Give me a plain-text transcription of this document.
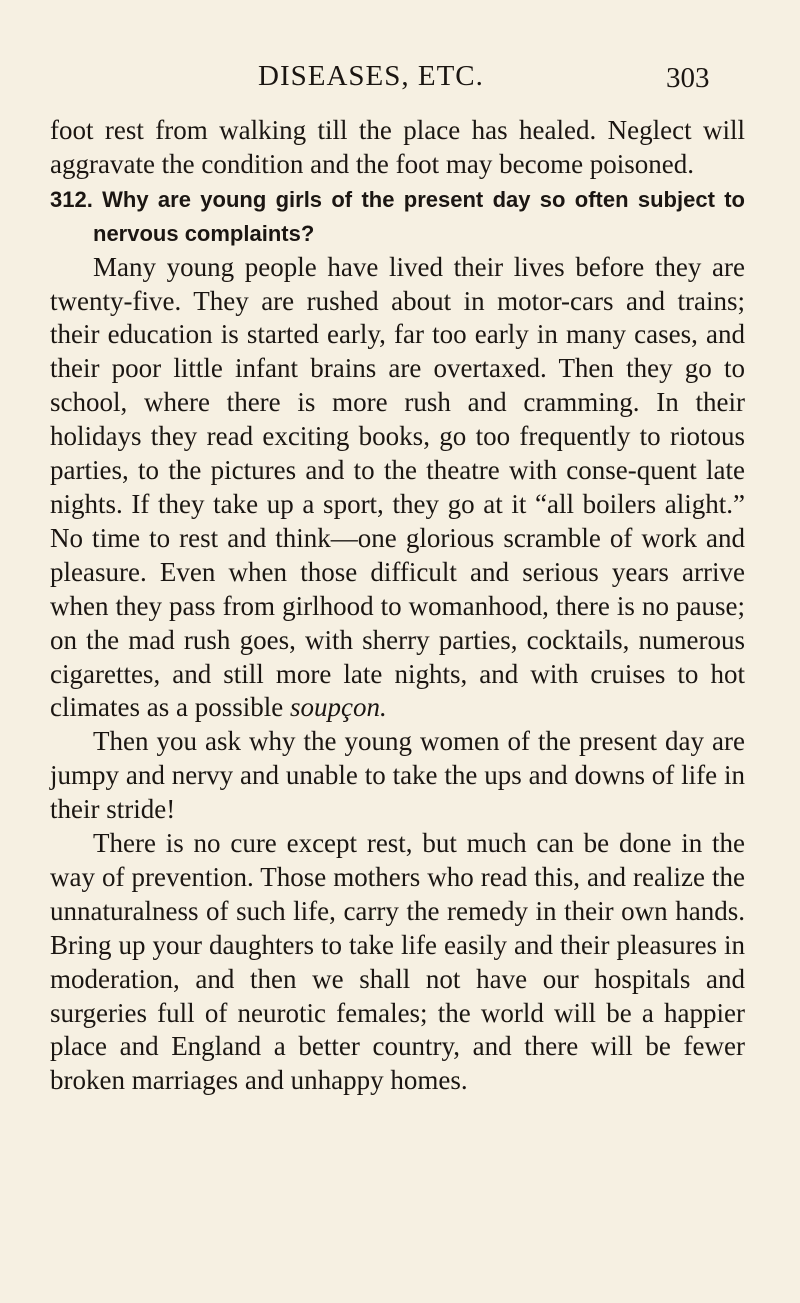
DISEASES, ETC.	303

foot rest from walking till the place has healed. Neglect will aggravate the condition and the foot may become poisoned.

312. Why are young girls of the present day so often subject to nervous complaints?

Many young people have lived their lives before they are twenty-five. They are rushed about in motor-cars and trains; their education is started early, far too early in many cases, and their poor little infant brains are overtaxed. Then they go to school, where there is more rush and cramming. In their holidays they read exciting books, go too frequently to riotous parties, to the pictures and to the theatre with conse-quent late nights. If they take up a sport, they go at it “all boilers alight.” No time to rest and think—one glorious scramble of work and pleasure. Even when those difficult and serious years arrive when they pass from girlhood to womanhood, there is no pause; on the mad rush goes, with sherry parties, cocktails, numerous cigarettes, and still more late nights, and with cruises to hot climates as a possible soupçon.

Then you ask why the young women of the present day are jumpy and nervy and unable to take the ups and downs of life in their stride!

There is no cure except rest, but much can be done in the way of prevention. Those mothers who read this, and realize the unnaturalness of such life, carry the remedy in their own hands. Bring up your daughters to take life easily and their pleasures in moderation, and then we shall not have our hospitals and surgeries full of neurotic females; the world will be a happier place and England a better country, and there will be fewer broken marriages and unhappy homes.
